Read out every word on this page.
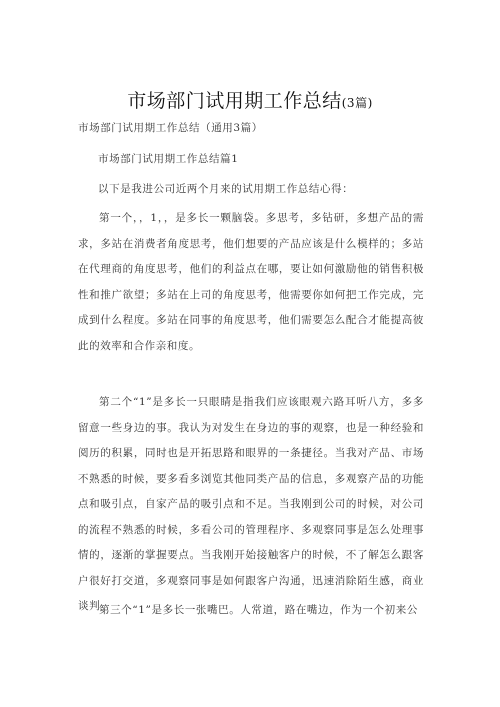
市场部门试用期工作总结(3篇)
市场部门试用期工作总结（通用3篇）
市场部门试用期工作总结篇1
以下是我进公司近两个月来的试用期工作总结心得：

第一个，，1，，是多长一颗脑袋。多思考，多钻研，多想产品的需求，多站在消费者角度思考，他们想要的产品应该是什么模样的；多站在代理商的角度思考，他们的利益点在哪，要让如何激励他的销售积极性和推广欲望；多站在上司的角度思考，他需要你如何把工作完成，完成到什么程度。多站在同事的角度思考，他们需要怎么配合才能提高彼此的效率和合作亲和度。

第二个“1”是多长一只眼睛是指我们应该眼观六路耳听八方，多多留意一些身边的事。我认为对发生在身边的事的观察，也是一种经验和阅历的积累，同时也是开拓思路和眼界的一条捷径。当我对产品、市场不熟悉的时候，要多看多浏览其他同类产品的信息，多观察产品的功能点和吸引点，自家产品的吸引点和不足。当我刚到公司的时候，对公司的流程不熟悉的时候，多看公司的管理程序、多观察同事是怎么处理事情的，逐渐的掌握要点。当我刚开始接触客户的时候，不了解怎么跟客户很好打交道，多观察同事是如何跟客户沟通，迅速消除陌生感，商业谈判。

第三个“1”是多长一张嘴巴。人常道，路在嘴边，作为一个初来公
